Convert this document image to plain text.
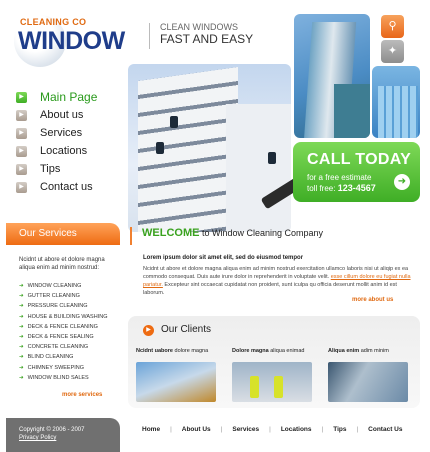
CLEANING CO
WINDOW	CLEAN WINDOWS
FAST AND EASY
⚲
✦
CALL TODAY
for a free estimate
toll free: 123-4567
➜
▶ Main Page
▶ About us
▶ Services
▶ Locations
▶ Tips
▶ Contact us
Our Services
Ncidnt ut abore et dolore magna aliqua enim ad minim nostrud:
➜ WINDOW CLEANING
➜ GUTTER CLEANING
➜ PRESSURE CLEANING
➜ HOUSE & BUILDING WASHING
➜ DECK & FENCE CLEANING
➜ DECK & FENCE SEALING
➜ CONCRETE CLEANING
➜ BLIND CLEANING
➜ CHIMNEY SWEEPING
➜ WINDOW BLIND SALES
more services
WELCOME to Window Cleaning Company
Lorem ipsum dolor sit amet elit, sed do eiusmod tempor
Ncidnt ut abore et dolore magna aliqua enim ad minim nostrud exercitation ullamco laboris nisi ut aliqip ex ea commodo consequat. Duis aute irure dolor in reprehenderit in voluptate velit. esse cillum dolore eu fugiat nulla pariatur. Excepteur sint occaecat cupidatat non proident, sunt iculpa qu officia deserunt mollit anim id est laborum.
more about us
▶	Our Clients
Ncidnt uabore dolore magna	Dolore magna aliqua enimad	Aliqua enim adim minim
Copyright © 2006 - 2007
Privacy Policy
Home | About Us | Services | Locations | Tips | Contact Us
